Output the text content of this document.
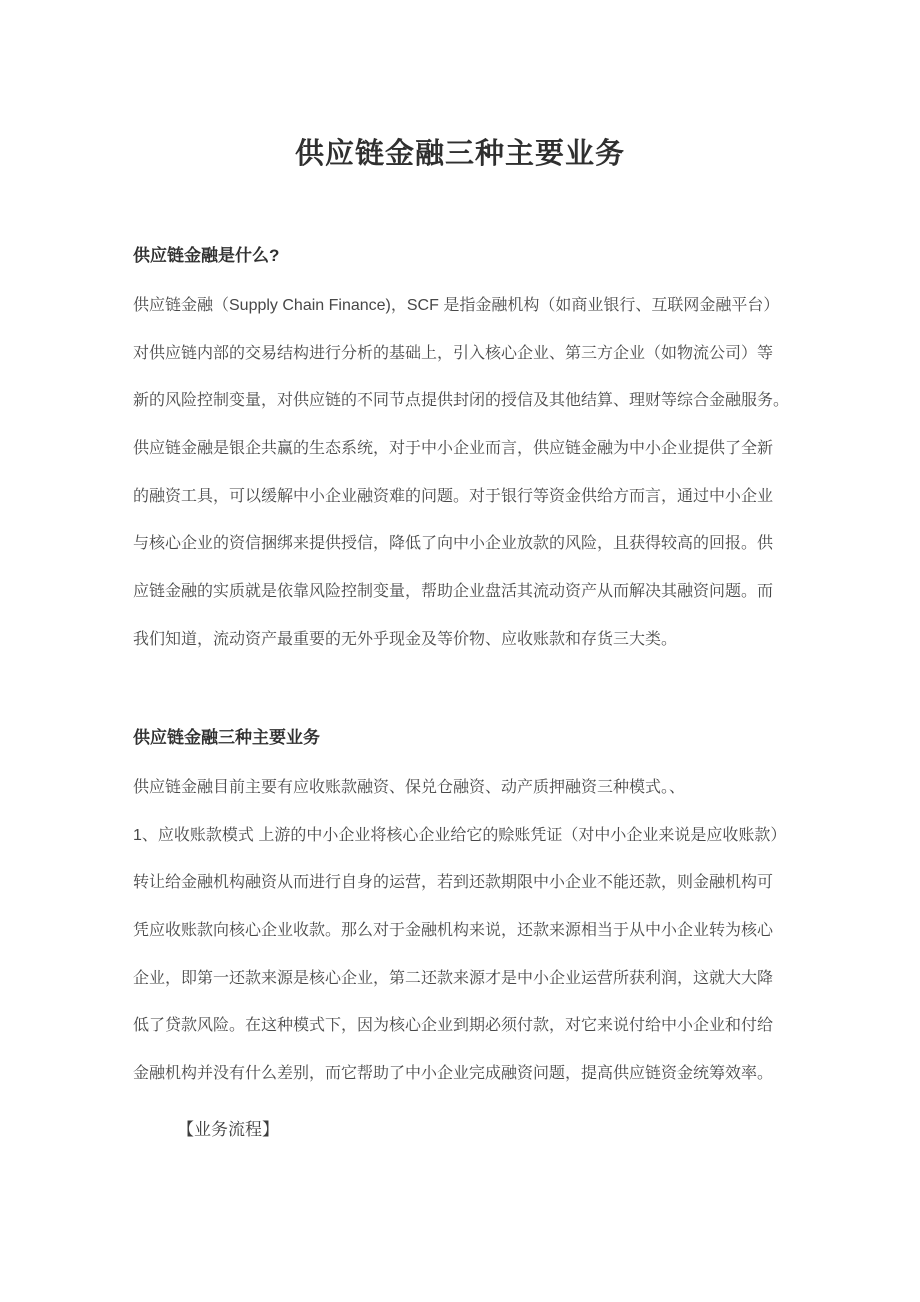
供应链金融三种主要业务
供应链金融是什么?
供应链金融（Supply Chain Finance)，SCF 是指金融机构（如商业银行、互联网金融平台）
对供应链内部的交易结构进行分析的基础上，引入核心企业、第三方企业（如物流公司）等
新的风险控制变量，对供应链的不同节点提供封闭的授信及其他结算、理财等综合金融服务。
供应链金融是银企共赢的生态系统，对于中小企业而言，供应链金融为中小企业提供了全新
的融资工具，可以缓解中小企业融资难的问题。对于银行等资金供给方而言，通过中小企业
与核心企业的资信捆绑来提供授信，降低了向中小企业放款的风险，且获得较高的回报。供
应链金融的实质就是依靠风险控制变量，帮助企业盘活其流动资产从而解决其融资问题。而
我们知道，流动资产最重要的无外乎现金及等价物、应收账款和存货三大类。
供应链金融三种主要业务
供应链金融目前主要有应收账款融资、保兑仓融资、动产质押融资三种模式。、
1、应收账款模式 上游的中小企业将核心企业给它的赊账凭证（对中小企业来说是应收账款）
转让给金融机构融资从而进行自身的运营，若到还款期限中小企业不能还款，则金融机构可
凭应收账款向核心企业收款。那么对于金融机构来说，还款来源相当于从中小企业转为核心
企业，即第一还款来源是核心企业，第二还款来源才是中小企业运营所获利润，这就大大降
低了贷款风险。在这种模式下，因为核心企业到期必须付款，对它来说付给中小企业和付给
金融机构并没有什么差别，而它帮助了中小企业完成融资问题，提高供应链资金统筹效率。
【业务流程】
